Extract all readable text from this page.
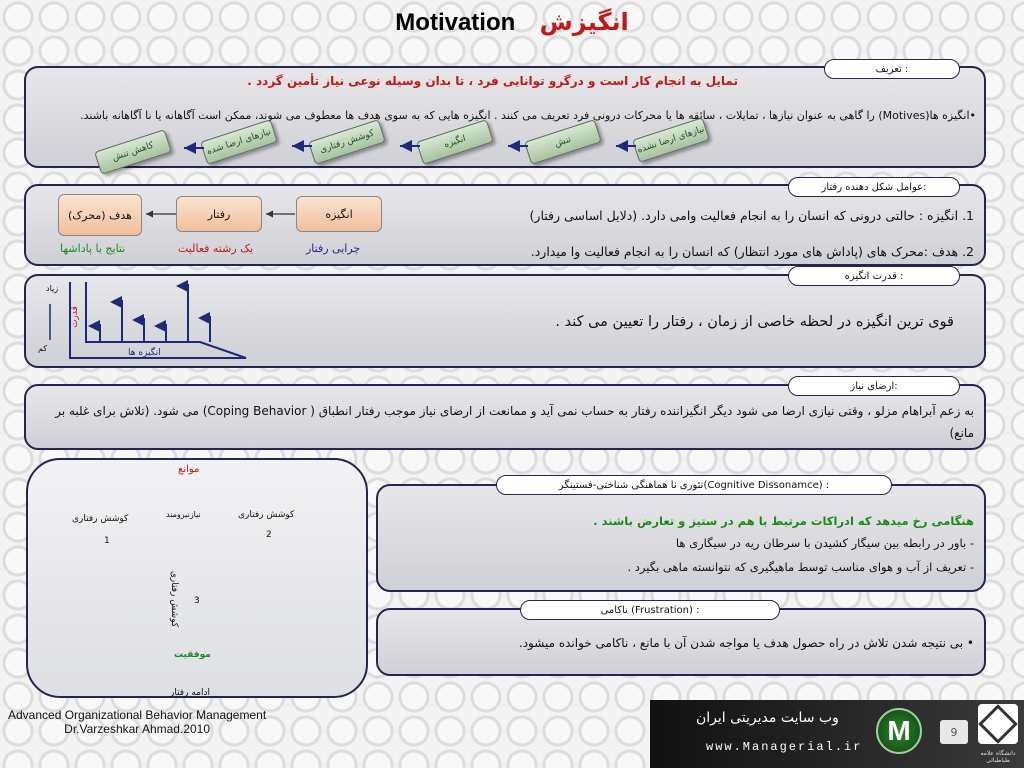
Motivation انگیزش
تمایل به انجام کار است و درگرو توانایی فرد ، تا بدان وسیله نوعی نیاز تأمین گردد .
•انگیزه ها(Motives) را گاهی به عنوان نیازها ، تمایلات ، سائقه ها یا محرکات درونی فرد تعریف می کنند . انگیزه هایی که به سوی هدف ها معطوف می شوند، ممکن است آگاهانه یا نا آگاهانه باشند.
تعریف :
نیازهای ارضا نشده
تنش
انگیزه
کوشش رفتاری
نیازهای ارضا شده
کاهش تنش
1. انگیزه : حالتی درونی که انسان را به انجام فعالیت وامی دارد. (دلایل اساسی رفتار)
2. هدف :محرک های (پاداش های مورد انتظار) که انسان را به انجام فعالیت وا میدارد.
عوامل شکل دهنده رفتار:
هدف (محرک)	رفتار	انگیزه
نتایج یا پاداشها	یک رشته فعالیت	چرایی رفتار
قوی ترین انگیزه در لحظه خاصی از زمان ، رفتار را تعیین می کند .
قدرت انگیزه :
زیاد
کم
قدرت
انگیزه ها
به زعم آبراهام مزلو ، وقتی نیازی ارضا می شود دیگر انگیزاننده رفتار به حساب نمی آید و ممانعت از ارضای نیاز موجب رفتار انطباق ( Coping Behavior) می شود. (تلاش برای غلبه بر مانع)
ارضای نیاز:
موانع
کوشش رفتاری	کوشش رفتاری
نیازنیرومند
1
2
کوشش رفتاری 3
موفقیت
ادامه رفتار
هنگامی رخ میدهد که ادراکات مرتبط با هم در ستیز و تعارض باشند .
- باور در رابطه بین سیگار کشیدن با سرطان ریه در سیگاری ها
- تعریف از آب و هوای مناسب توسط ماهیگیری که نتوانسته ماهی بگیرد .
تئوری نا هماهنگی شناختی-فستینگر(Cognitive Dissonamce) :
• بی نتیجه شدن تلاش در راه حصول هدف یا مواجه شدن آن با مانع ، ناکامی خوانده میشود.
ناکامی (Frustration) :
Advanced Organizational Behavior Management
Dr.Varzeshkar Ahmad.2010
وب سایت مدیریتی ایران
www.Managerial.ir
M	9
دانشگاه علامه طباطبائی
